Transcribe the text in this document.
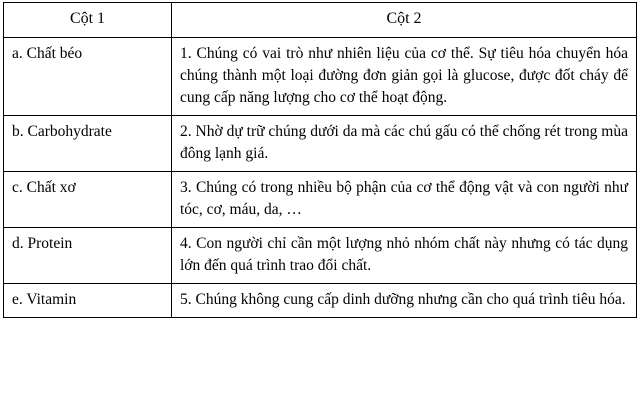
Cột 1	Cột 2

a. Chất béo	1. Chúng có vai trò như nhiên liệu của cơ thể. Sự tiêu hóa chuyển hóa chúng thành một loại đường đơn giản gọi là glucose, được đốt cháy để cung cấp năng lượng cho cơ thể hoạt động.
b. Carbohydrate	2. Nhờ dự trữ chúng dưới da mà các chú gấu có thể chống rét trong mùa đông lạnh giá.
c. Chất xơ	3. Chúng có trong nhiều bộ phận của cơ thể động vật và con người như tóc, cơ, máu, da, …
d. Protein	4. Con người chỉ cần một lượng nhỏ nhóm chất này nhưng có tác dụng lớn đến quá trình trao đổi chất.
e. Vitamin	5. Chúng không cung cấp dinh dưỡng nhưng cần cho quá trình tiêu hóa.
